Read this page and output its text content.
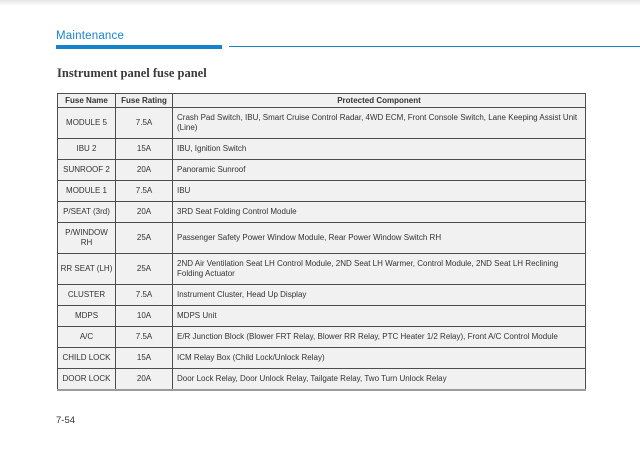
Maintenance
Instrument panel fuse panel
Fuse Name	Fuse Rating	Protected Component
MODULE 5	7.5A	Crash Pad Switch, IBU, Smart Cruise Control Radar, 4WD ECM, Front Console Switch, Lane Keeping Assist Unit (Line)
IBU 2	15A	IBU, Ignition Switch
SUNROOF 2	20A	Panoramic Sunroof
MODULE 1	7.5A	IBU
P/SEAT (3rd)	20A	3RD Seat Folding Control Module
P/WINDOW RH	25A	Passenger Safety Power Window Module, Rear Power Window Switch RH
RR SEAT (LH)	25A	2ND Air Ventilation Seat LH Control Module, 2ND Seat LH Warmer, Control Module, 2ND Seat LH Reclining Folding Actuator
CLUSTER	7.5A	Instrument Cluster, Head Up Display
MDPS	10A	MDPS Unit
A/C	7.5A	E/R Junction Block (Blower FRT Relay, Blower RR Relay, PTC Heater 1/2 Relay), Front A/C Control Module
CHILD LOCK	15A	ICM Relay Box (Child Lock/Unlock Relay)
DOOR LOCK	20A	Door Lock Relay, Door Unlock Relay, Tailgate Relay, Two Turn Unlock Relay
7-54
